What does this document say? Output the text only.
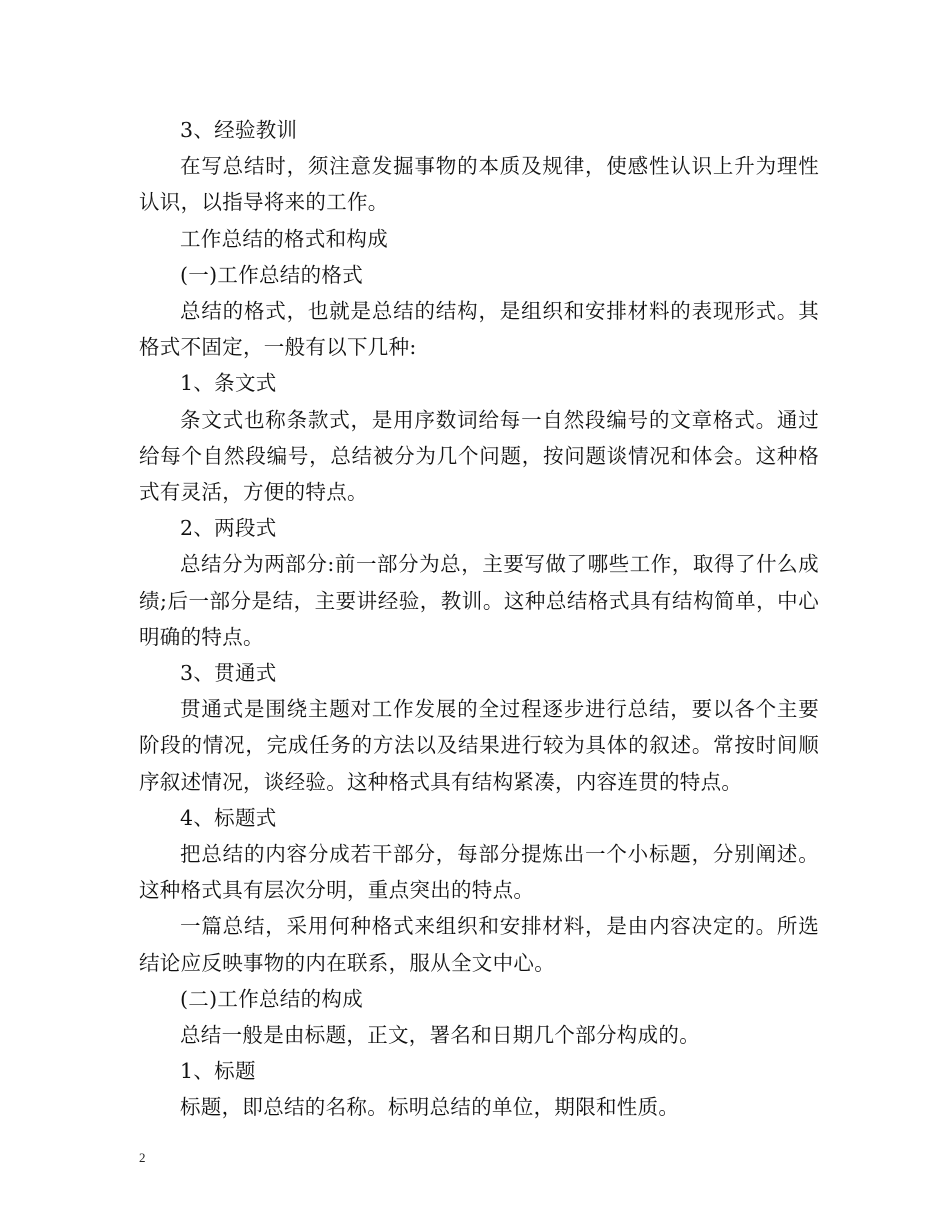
3、经验教训

在写总结时，须注意发掘事物的本质及规律，使感性认识上升为理性认识，以指导将来的工作。

工作总结的格式和构成

(一)工作总结的格式

总结的格式，也就是总结的结构，是组织和安排材料的表现形式。其格式不固定，一般有以下几种:

1、条文式

条文式也称条款式，是用序数词给每一自然段编号的文章格式。通过给每个自然段编号，总结被分为几个问题，按问题谈情况和体会。这种格式有灵活，方便的特点。

2、两段式

总结分为两部分:前一部分为总，主要写做了哪些工作，取得了什么成绩;后一部分是结，主要讲经验，教训。这种总结格式具有结构简单，中心明确的特点。

3、贯通式

贯通式是围绕主题对工作发展的全过程逐步进行总结，要以各个主要阶段的情况，完成任务的方法以及结果进行较为具体的叙述。常按时间顺序叙述情况，谈经验。这种格式具有结构紧凑，内容连贯的特点。

4、标题式

把总结的内容分成若干部分，每部分提炼出一个小标题，分别阐述。这种格式具有层次分明，重点突出的特点。

一篇总结，采用何种格式来组织和安排材料，是由内容决定的。所选结论应反映事物的内在联系，服从全文中心。

(二)工作总结的构成

总结一般是由标题，正文，署名和日期几个部分构成的。

1、标题

标题，即总结的名称。标明总结的单位，期限和性质。

2
